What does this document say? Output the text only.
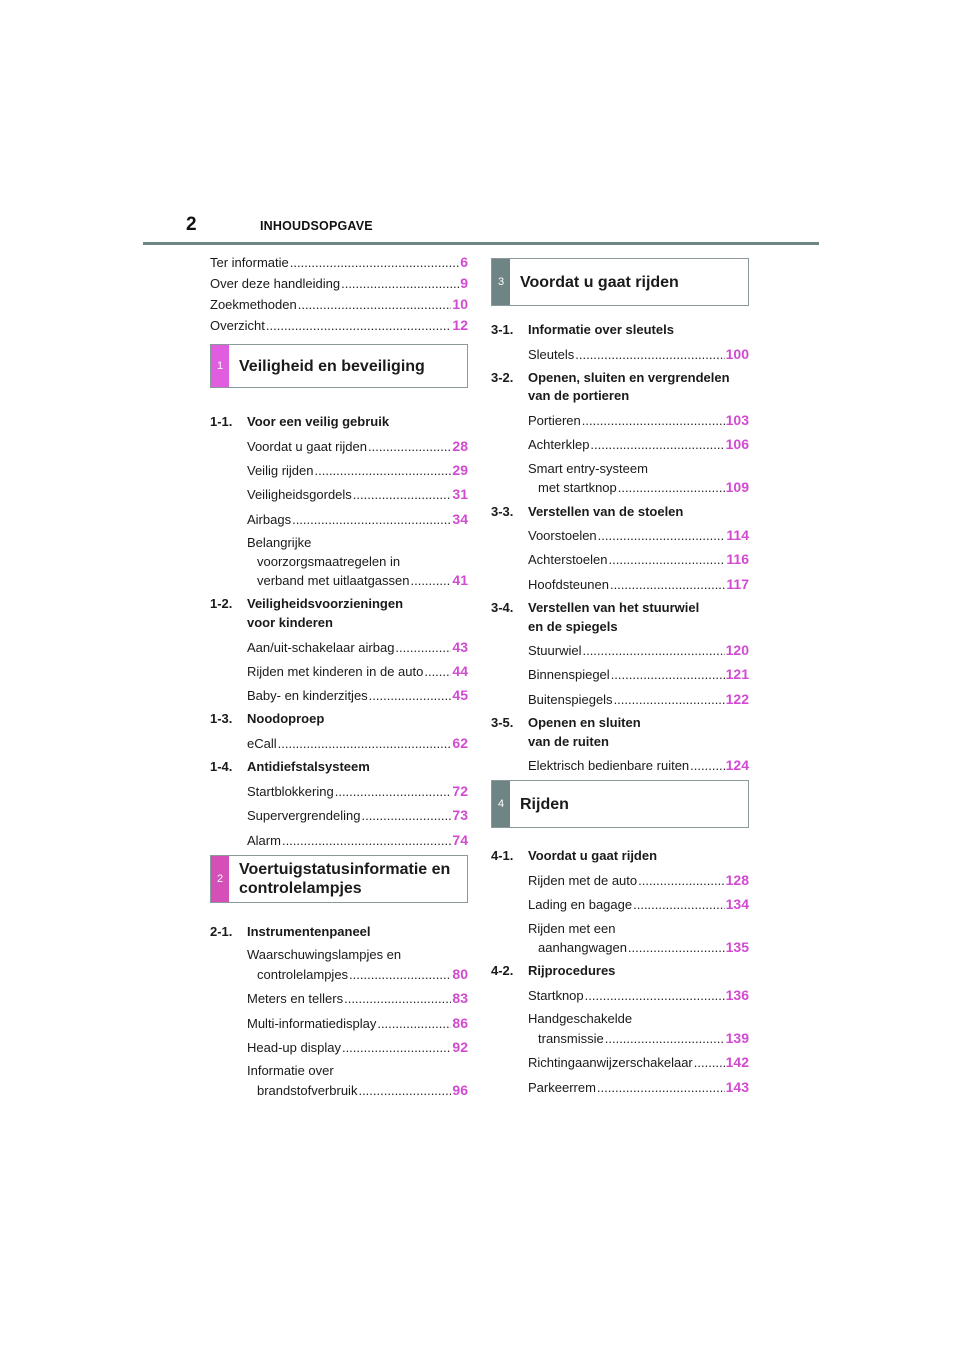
2	INHOUDSOPGAVE
Ter informatie .....	6
Over deze handleiding .....	9
Zoekmethoden .....	10
Overzicht .....	12
1 Veiligheid en beveiliging
1-1.	Voor een veilig gebruik
Voordat u gaat rijden .....	28
Veilig rijden .....	29
Veiligheidsgordels .....	31
Airbags .....	34
Belangrijke
voorzorgsmaatregelen in
verband met uitlaatgassen .....	41
1-2.	Veiligheidsvoorzieningen
voor kinderen
Aan/uit-schakelaar airbag .....	43
Rijden met kinderen in de auto ..... 44
Baby- en kinderzitjes .....	45
1-3.	Noodoproep
eCall .....	62
1-4.	Antidiefstalsysteem
Startblokkering .....	72
Supervergrendeling .....	73
Alarm .....	74
2
Voertuigstatusinformatie en
controlelampjes
2-1.	Instrumentenpaneel
Waarschuwingslampjes en
controlelampjes .....	80
Meters en tellers .....	83
Multi-informatiedisplay .....	86
Head-up display .....	92
Informatie over
brandstofverbruik .....	96
3 Voordat u gaat rijden
3-1.	Informatie over sleutels
Sleutels .....	100
3-2.	Openen, sluiten en vergrendelen
van de portieren
Portieren .....	103
Achterklep .....	106
Smart entry-systeem
met startknop .....	109
3-3.	Verstellen van de stoelen
Voorstoelen .....	114
Achterstoelen .....	116
Hoofdsteunen .....	117
3-4.	Verstellen van het stuurwiel
en de spiegels
Stuurwiel .....	120
Binnenspiegel .....	121
Buitenspiegels .....	122
3-5.	Openen en sluiten
van de ruiten
Elektrisch bedienbare ruiten .....	124
4 Rijden
4-1.	Voordat u gaat rijden
Rijden met de auto .....	128
Lading en bagage .....	134
Rijden met een
aanhangwagen .....	135
4-2.	Rijprocedures
Startknop .....	136
Handgeschakelde
transmissie .....	139
Richtingaanwijzerschakelaar ..... 142
Parkeerrem .....	143
